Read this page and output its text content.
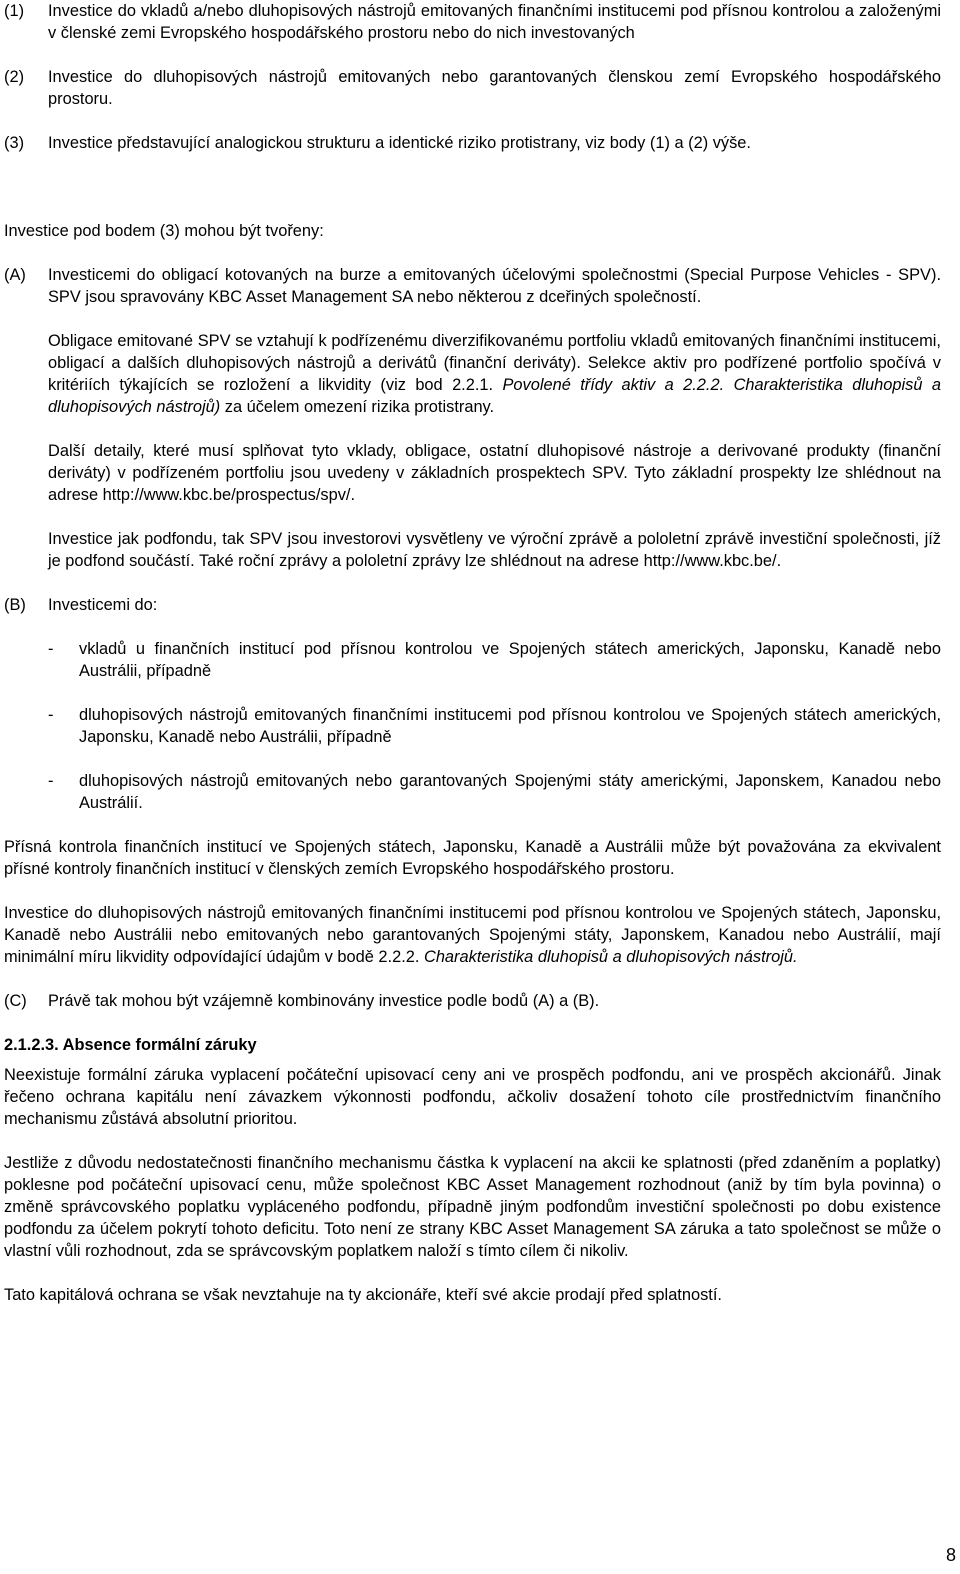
(1)	Investice do vkladů a/nebo dluhopisových nástrojů emitovaných finančními institucemi pod přísnou kontrolou a založenými v členské zemi Evropského hospodářského prostoru nebo do nich investovaných
(2)	Investice do dluhopisových nástrojů emitovaných nebo garantovaných členskou zemí Evropského hospodářského prostoru.
(3)	Investice představující analogickou strukturu a identické riziko protistrany, viz body (1) a (2) výše.

Investice pod bodem (3) mohou být tvořeny:

(A)	Investicemi do obligací kotovaných na burze a emitovaných účelovými společnostmi (Special Purpose Vehicles - SPV). SPV jsou spravovány KBC Asset Management SA nebo některou z dceřiných společností.

Obligace emitované SPV se vztahují k podřízenému diverzifikovanému portfoliu vkladů emitovaných finančními institucemi, obligací a dalších dluhopisových nástrojů a derivátů (finanční deriváty). Selekce aktiv pro podřízené portfolio spočívá v kritériích týkajících se rozložení a likvidity (viz bod 2.2.1. Povolené třídy aktiv a 2.2.2. Charakteristika dluhopisů a dluhopisových nástrojů) za účelem omezení rizika protistrany.

Další detaily, které musí splňovat tyto vklady, obligace, ostatní dluhopisové nástroje a derivované produkty (finanční deriváty) v podřízeném portfoliu jsou uvedeny v základních prospektech SPV. Tyto základní prospekty lze shlédnout na adrese http://www.kbc.be/prospectus/spv/.

Investice jak podfondu, tak SPV jsou investorovi vysvětleny ve výroční zprávě a pololetní zprávě investiční společnosti, jíž je podfond součástí. Také roční zprávy a pololetní zprávy lze shlédnout na adrese http://www.kbc.be/.

(B)	Investicemi do:
-	vkladů u finančních institucí pod přísnou kontrolou ve Spojených státech amerických, Japonsku, Kanadě nebo Austrálii, případně
-	dluhopisových nástrojů emitovaných finančními institucemi pod přísnou kontrolou ve Spojených státech amerických, Japonsku, Kanadě nebo Austrálii, případně
-	dluhopisových nástrojů emitovaných nebo garantovaných Spojenými státy americkými, Japonskem, Kanadou nebo Austrálií.

Přísná kontrola finančních institucí ve Spojených státech, Japonsku, Kanadě a Austrálii může být považována za ekvivalent přísné kontroly finančních institucí v členských zemích Evropského hospodářského prostoru.

Investice do dluhopisových nástrojů emitovaných finančními institucemi pod přísnou kontrolou ve Spojených státech, Japonsku, Kanadě nebo Austrálii nebo emitovaných nebo garantovaných Spojenými státy, Japonskem, Kanadou nebo Austrálií, mají minimální míru likvidity odpovídající údajům v bodě 2.2.2. Charakteristika dluhopisů a dluhopisových nástrojů.

(C)	Právě tak mohou být vzájemně kombinovány investice podle bodů (A) a (B).

2.1.2.3. Absence formální záruky

Neexistuje formální záruka vyplacení počáteční upisovací ceny ani ve prospěch podfondu, ani ve prospěch akcionářů. Jinak řečeno ochrana kapitálu není závazkem výkonnosti podfondu, ačkoliv dosažení tohoto cíle prostřednictvím finančního mechanismu zůstává absolutní prioritou.

Jestliže z důvodu nedostatečnosti finančního mechanismu částka k vyplacení na akcii ke splatnosti (před zdaněním a poplatky) poklesne pod počáteční upisovací cenu, může společnost KBC Asset Management rozhodnout (aniž by tím byla povinna) o změně správcovského poplatku vypláceného podfondu, případně jiným podfondům investiční společnosti po dobu existence podfondu za účelem pokrytí tohoto deficitu. Toto není ze strany KBC Asset Management SA záruka a tato společnost se může o vlastní vůli rozhodnout, zda se správcovským poplatkem naloží s tímto cílem či nikoliv.

Tato kapitálová ochrana se však nevztahuje na ty akcionáře, kteří své akcie prodají před splatností.

8
